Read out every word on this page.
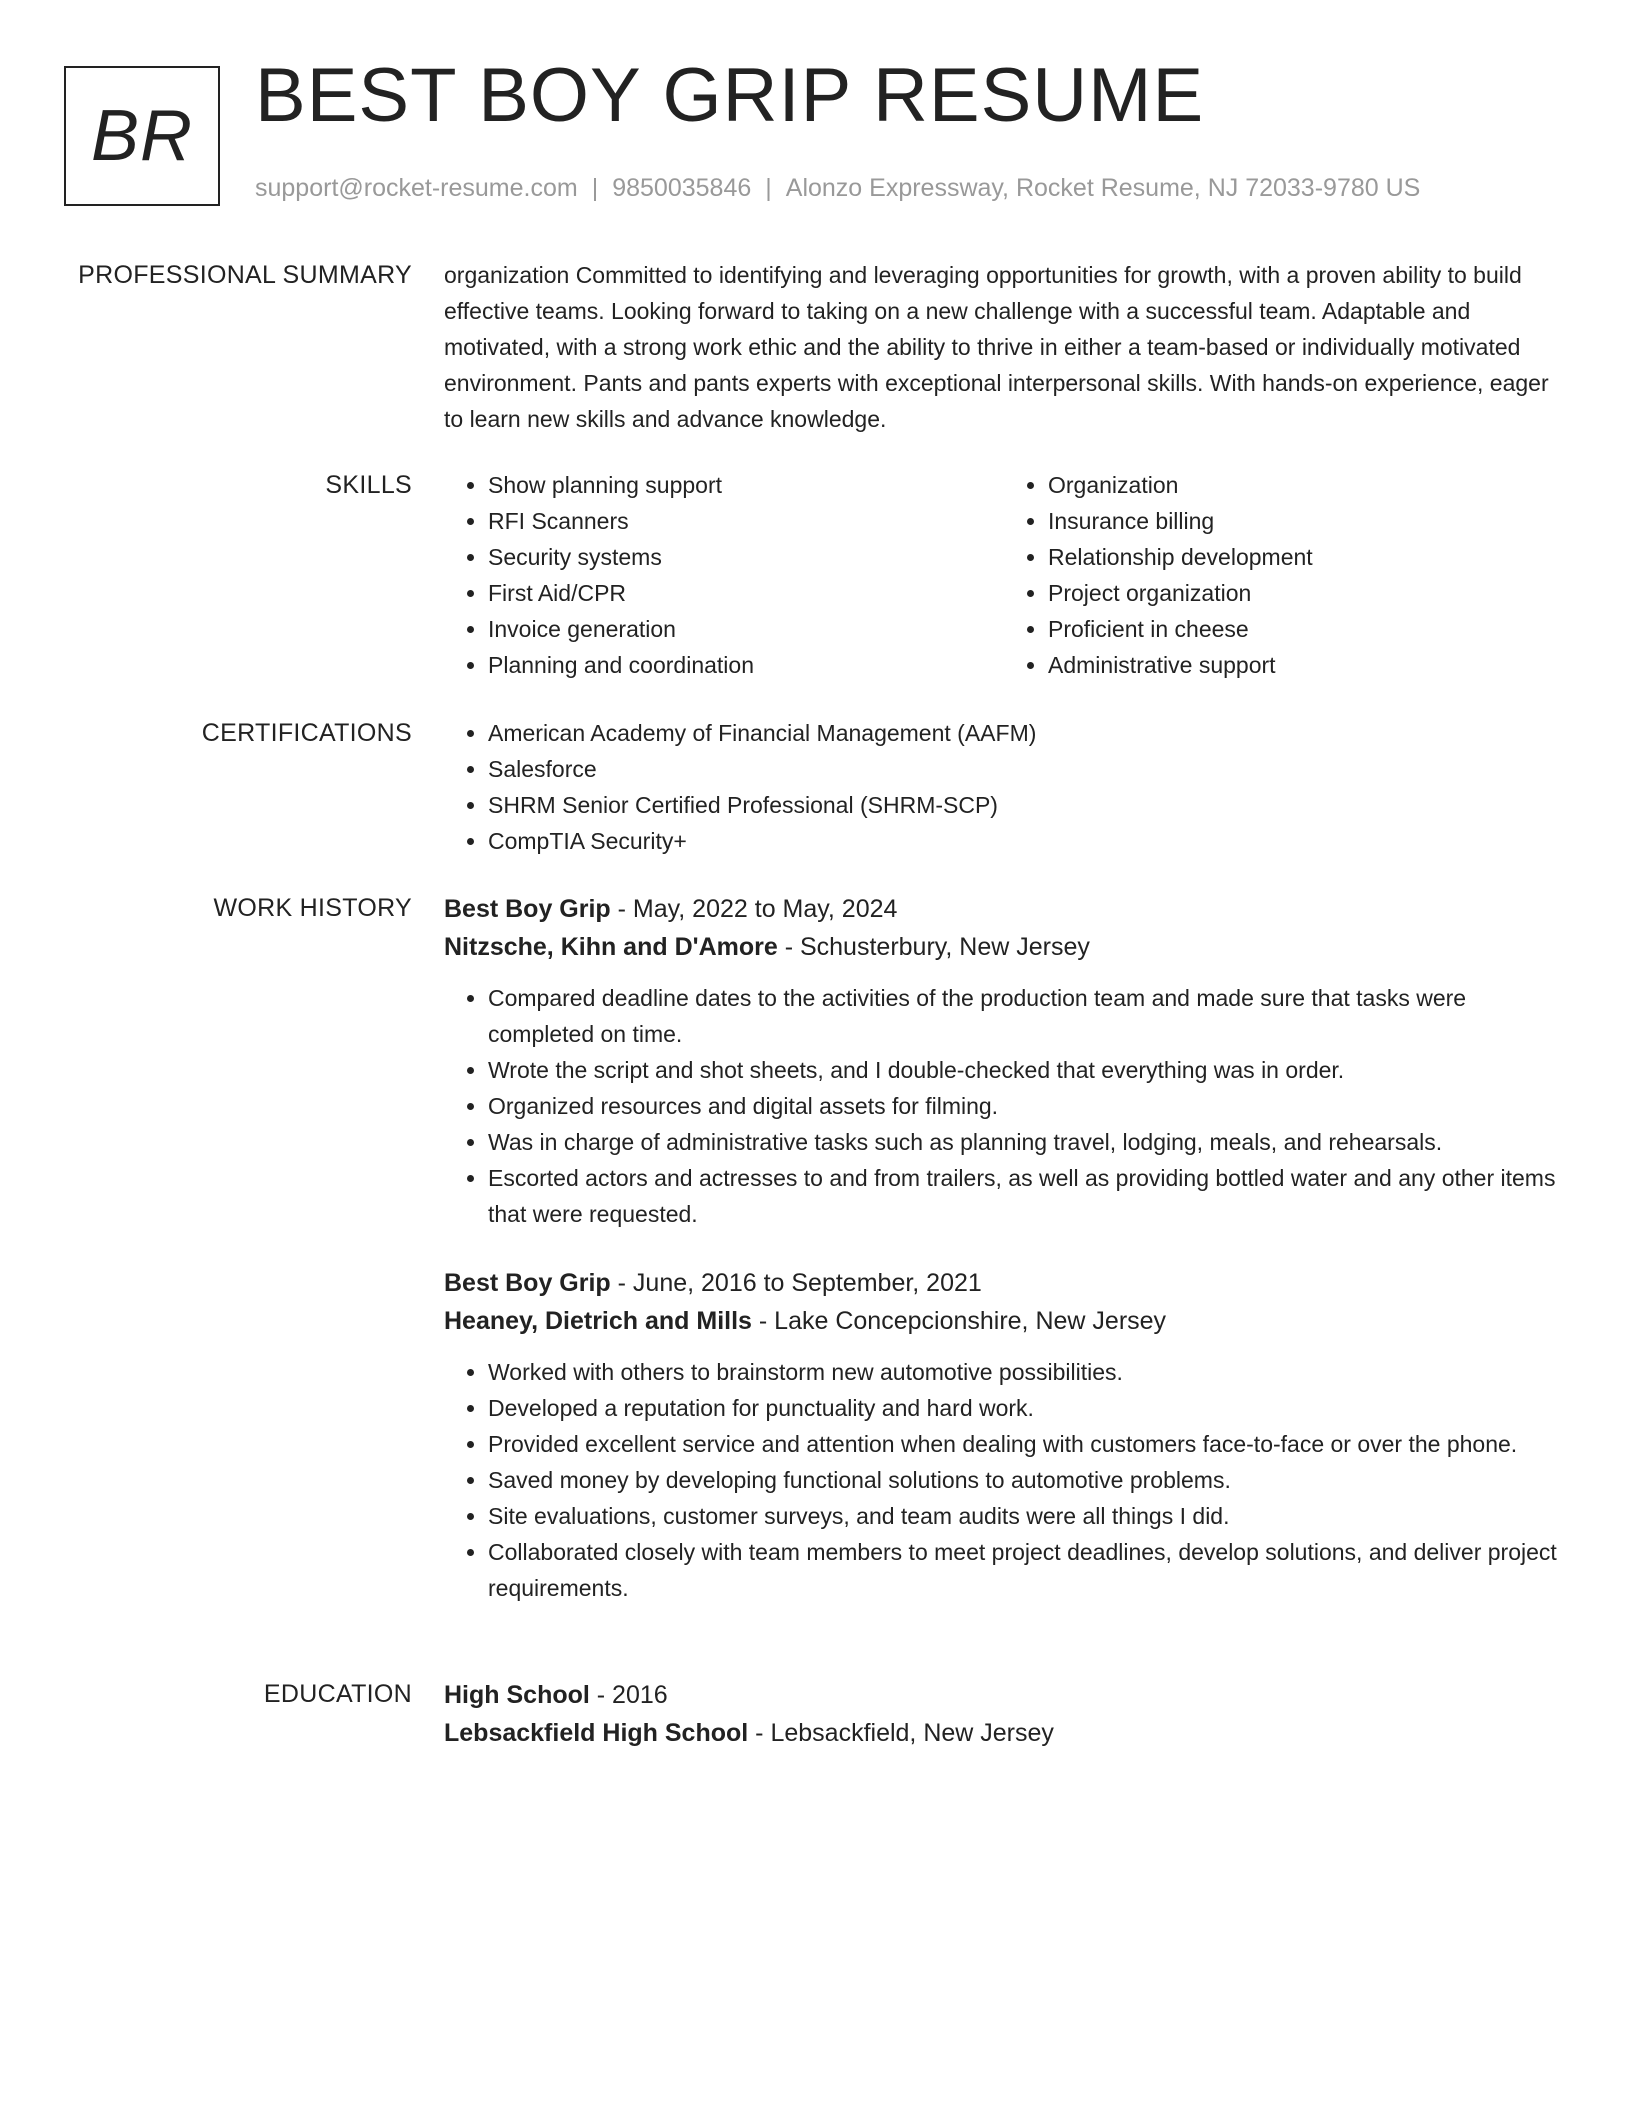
BR BEST BOY GRIP RESUME
support@rocket-resume.com | 9850035846 | Alonzo Expressway, Rocket Resume, NJ 72033-9780 US
PROFESSIONAL SUMMARY organization Committed to identifying and leveraging opportunities for growth, with a proven ability to build effective teams. Looking forward to taking on a new challenge with a successful team. Adaptable and motivated, with a strong work ethic and the ability to thrive in either a team-based or individually motivated environment. Pants and pants experts with exceptional interpersonal skills. With hands-on experience, eager to learn new skills and advance knowledge.

SKILLS	• Show planning support
• RFI Scanners
• Security systems
• First Aid/CPR
• Invoice generation
• Planning and coordination
• Organization
• Insurance billing
• Relationship development
• Project organization
• Proficient in cheese
• Administrative support
CERTIFICATIONS	• American Academy of Financial Management (AAFM)
• Salesforce
• SHRM Senior Certified Professional (SHRM-SCP)
• CompTIA Security+
WORK HISTORY Best Boy Grip - May, 2022 to May, 2024
Nitzsche, Kihn and D'Amore - Schusterbury, New Jersey
• Compared deadline dates to the activities of the production team and made sure that tasks were completed on time.
• Wrote the script and shot sheets, and I double-checked that everything was in order.
• Organized resources and digital assets for filming.
• Was in charge of administrative tasks such as planning travel, lodging, meals, and rehearsals.
• Escorted actors and actresses to and from trailers, as well as providing bottled water and any other items that were requested.
Best Boy Grip - June, 2016 to September, 2021
Heaney, Dietrich and Mills - Lake Concepcionshire, New Jersey
• Worked with others to brainstorm new automotive possibilities.
• Developed a reputation for punctuality and hard work.
• Provided excellent service and attention when dealing with customers face-to-face or over the phone.
• Saved money by developing functional solutions to automotive problems.
• Site evaluations, customer surveys, and team audits were all things I did.
• Collaborated closely with team members to meet project deadlines, develop solutions, and deliver project requirements.
EDUCATION High School - 2016
Lebsackfield High School - Lebsackfield, New Jersey
